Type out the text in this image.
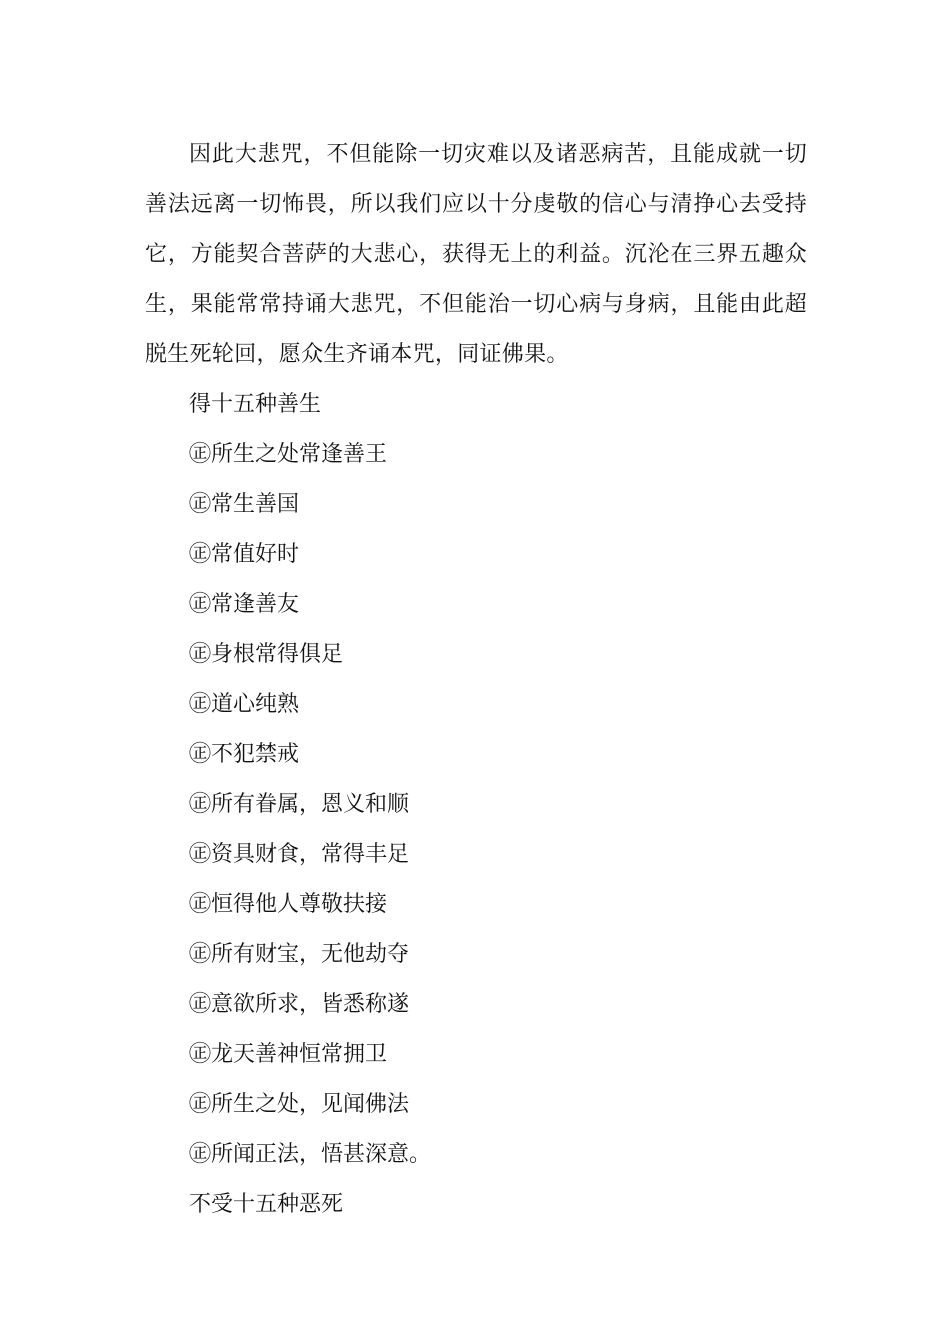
因此大悲咒，不但能除一切灾难以及诸恶病苦，且能成就一切善法远离一切怖畏，所以我们应以十分虔敬的信心与清挣心去受持它，方能契合菩萨的大悲心，获得无上的利益。沉沦在三界五趣众生，果能常常持诵大悲咒，不但能治一切心病与身病，且能由此超脱生死轮回，愿众生齐诵本咒，同证佛果。

得十五种善生

㊣所生之处常逢善王

㊣常生善国

㊣常值好时

㊣常逢善友

㊣身根常得俱足

㊣道心纯熟

㊣不犯禁戒

㊣所有眷属，恩义和顺

㊣资具财食，常得丰足

㊣恒得他人尊敬扶接

㊣所有财宝，无他劫夺

㊣意欲所求，皆悉称遂

㊣龙天善神恒常拥卫

㊣所生之处，见闻佛法

㊣所闻正法，悟甚深意。

不受十五种恶死
